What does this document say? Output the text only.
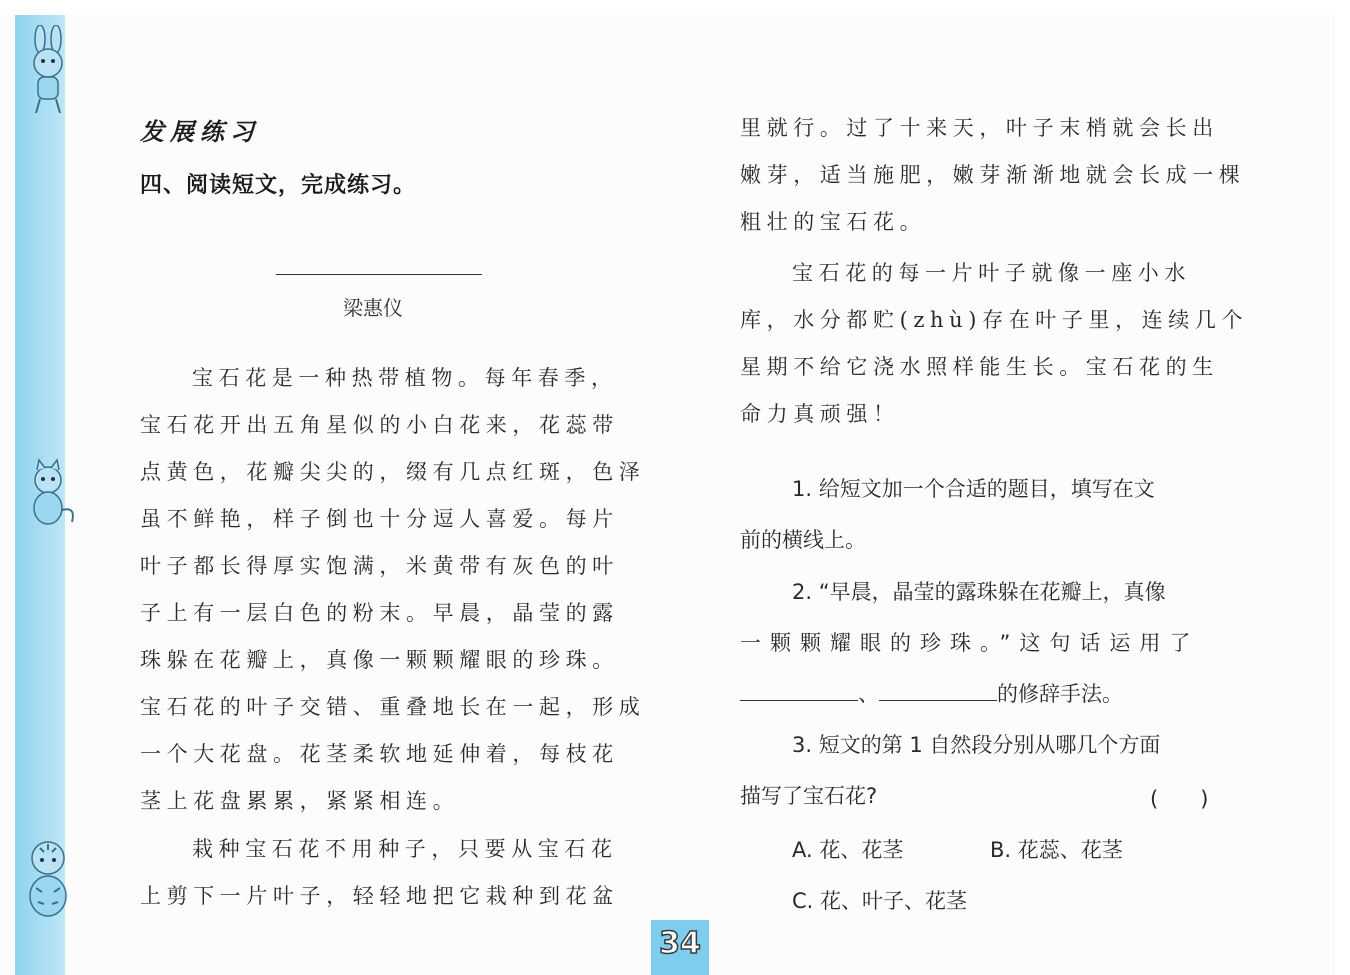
发展练习
四、阅读短文，完成练习。
梁惠仪
宝石花是一种热带植物。每年春季，
宝石花开出五角星似的小白花来，花蕊带
点黄色，花瓣尖尖的，缀有几点红斑，色泽
虽不鲜艳，样子倒也十分逗人喜爱。每片
叶子都长得厚实饱满，米黄带有灰色的叶
子上有一层白色的粉末。早晨，晶莹的露
珠躲在花瓣上，真像一颗颗耀眼的珍珠。
宝石花的叶子交错、重叠地长在一起，形成
一个大花盘。花茎柔软地延伸着，每枝花
茎上花盘累累，紧紧相连。
栽种宝石花不用种子，只要从宝石花
上剪下一片叶子，轻轻地把它栽种到花盆
里就行。过了十来天，叶子末梢就会长出
嫩芽，适当施肥，嫩芽渐渐地就会长成一棵
粗壮的宝石花。
宝石花的每一片叶子就像一座小水
库，水分都贮(zhù)存在叶子里，连续几个
星期不给它浇水照样能生长。宝石花的生
命力真顽强！
1. 给短文加一个合适的题目，填写在文
前的横线上。
2. “早晨，晶莹的露珠躲在花瓣上，真像
一颗颗耀眼的珍珠。”这句话运用了
、	的修辞手法。
3. 短文的第 1 自然段分别从哪几个方面
描写了宝石花?	(　　)
A. 花、花茎	B. 花蕊、花茎
C. 花、叶子、花茎
34
